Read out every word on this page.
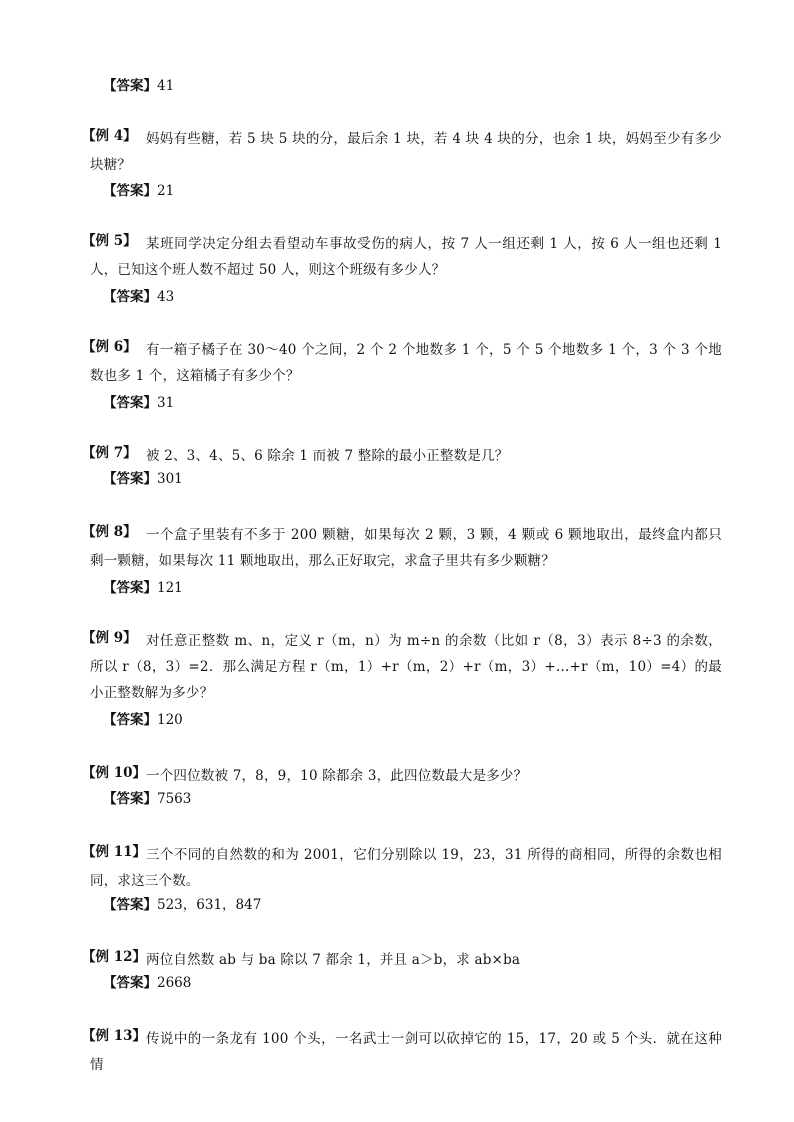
【答案】41
【例 4】 妈妈有些糖，若 5 块 5 块的分，最后余 1 块，若 4 块 4 块的分，也余 1 块，妈妈至少有多少块糖？

【答案】21
【例 5】 某班同学决定分组去看望动车事故受伤的病人，按 7 人一组还剩 1 人，按 6 人一组也还剩 1 人，已知这个班人数不超过 50 人，则这个班级有多少人？

【答案】43
【例 6】 有一箱子橘子在 30～40 个之间，2 个 2 个地数多 1 个，5 个 5 个地数多 1 个，3 个 3 个地数也多 1 个，这箱橘子有多少个？

【答案】31
【例 7】 被 2、3、4、5、6 除余 1 而被 7 整除的最小正整数是几？

【答案】301
【例 8】 一个盒子里装有不多于 200 颗糖，如果每次 2 颗，3 颗，4 颗或 6 颗地取出，最终盒内都只剩一颗糖，如果每次 11 颗地取出，那么正好取完，求盒子里共有多少颗糖？

【答案】121
【例 9】 对任意正整数 m、n，定义 r（m，n）为 m÷n 的余数（比如 r（8，3）表示 8÷3 的余数，所以 r（8，3）=2．那么满足方程 r（m，1）+r（m，2）+r（m，3）+…+r（m，10）=4）的最小正整数解为多少？

【答案】120
【例 10】 一个四位数被 7，8，9，10 除都余 3，此四位数最大是多少？

【答案】7563
【例 11】 三个不同的自然数的和为 2001，它们分别除以 19，23，31 所得的商相同，所得的余数也相同，求这三个数。

【答案】523，631，847
【例 12】 两位自然数 ab 与 ba 除以 7 都余 1，并且 a＞b，求 ab×ba

【答案】2668
【例 13】 传说中的一条龙有 100 个头，一名武士一剑可以砍掉它的 15，17，20 或 5 个头．就在这种情
